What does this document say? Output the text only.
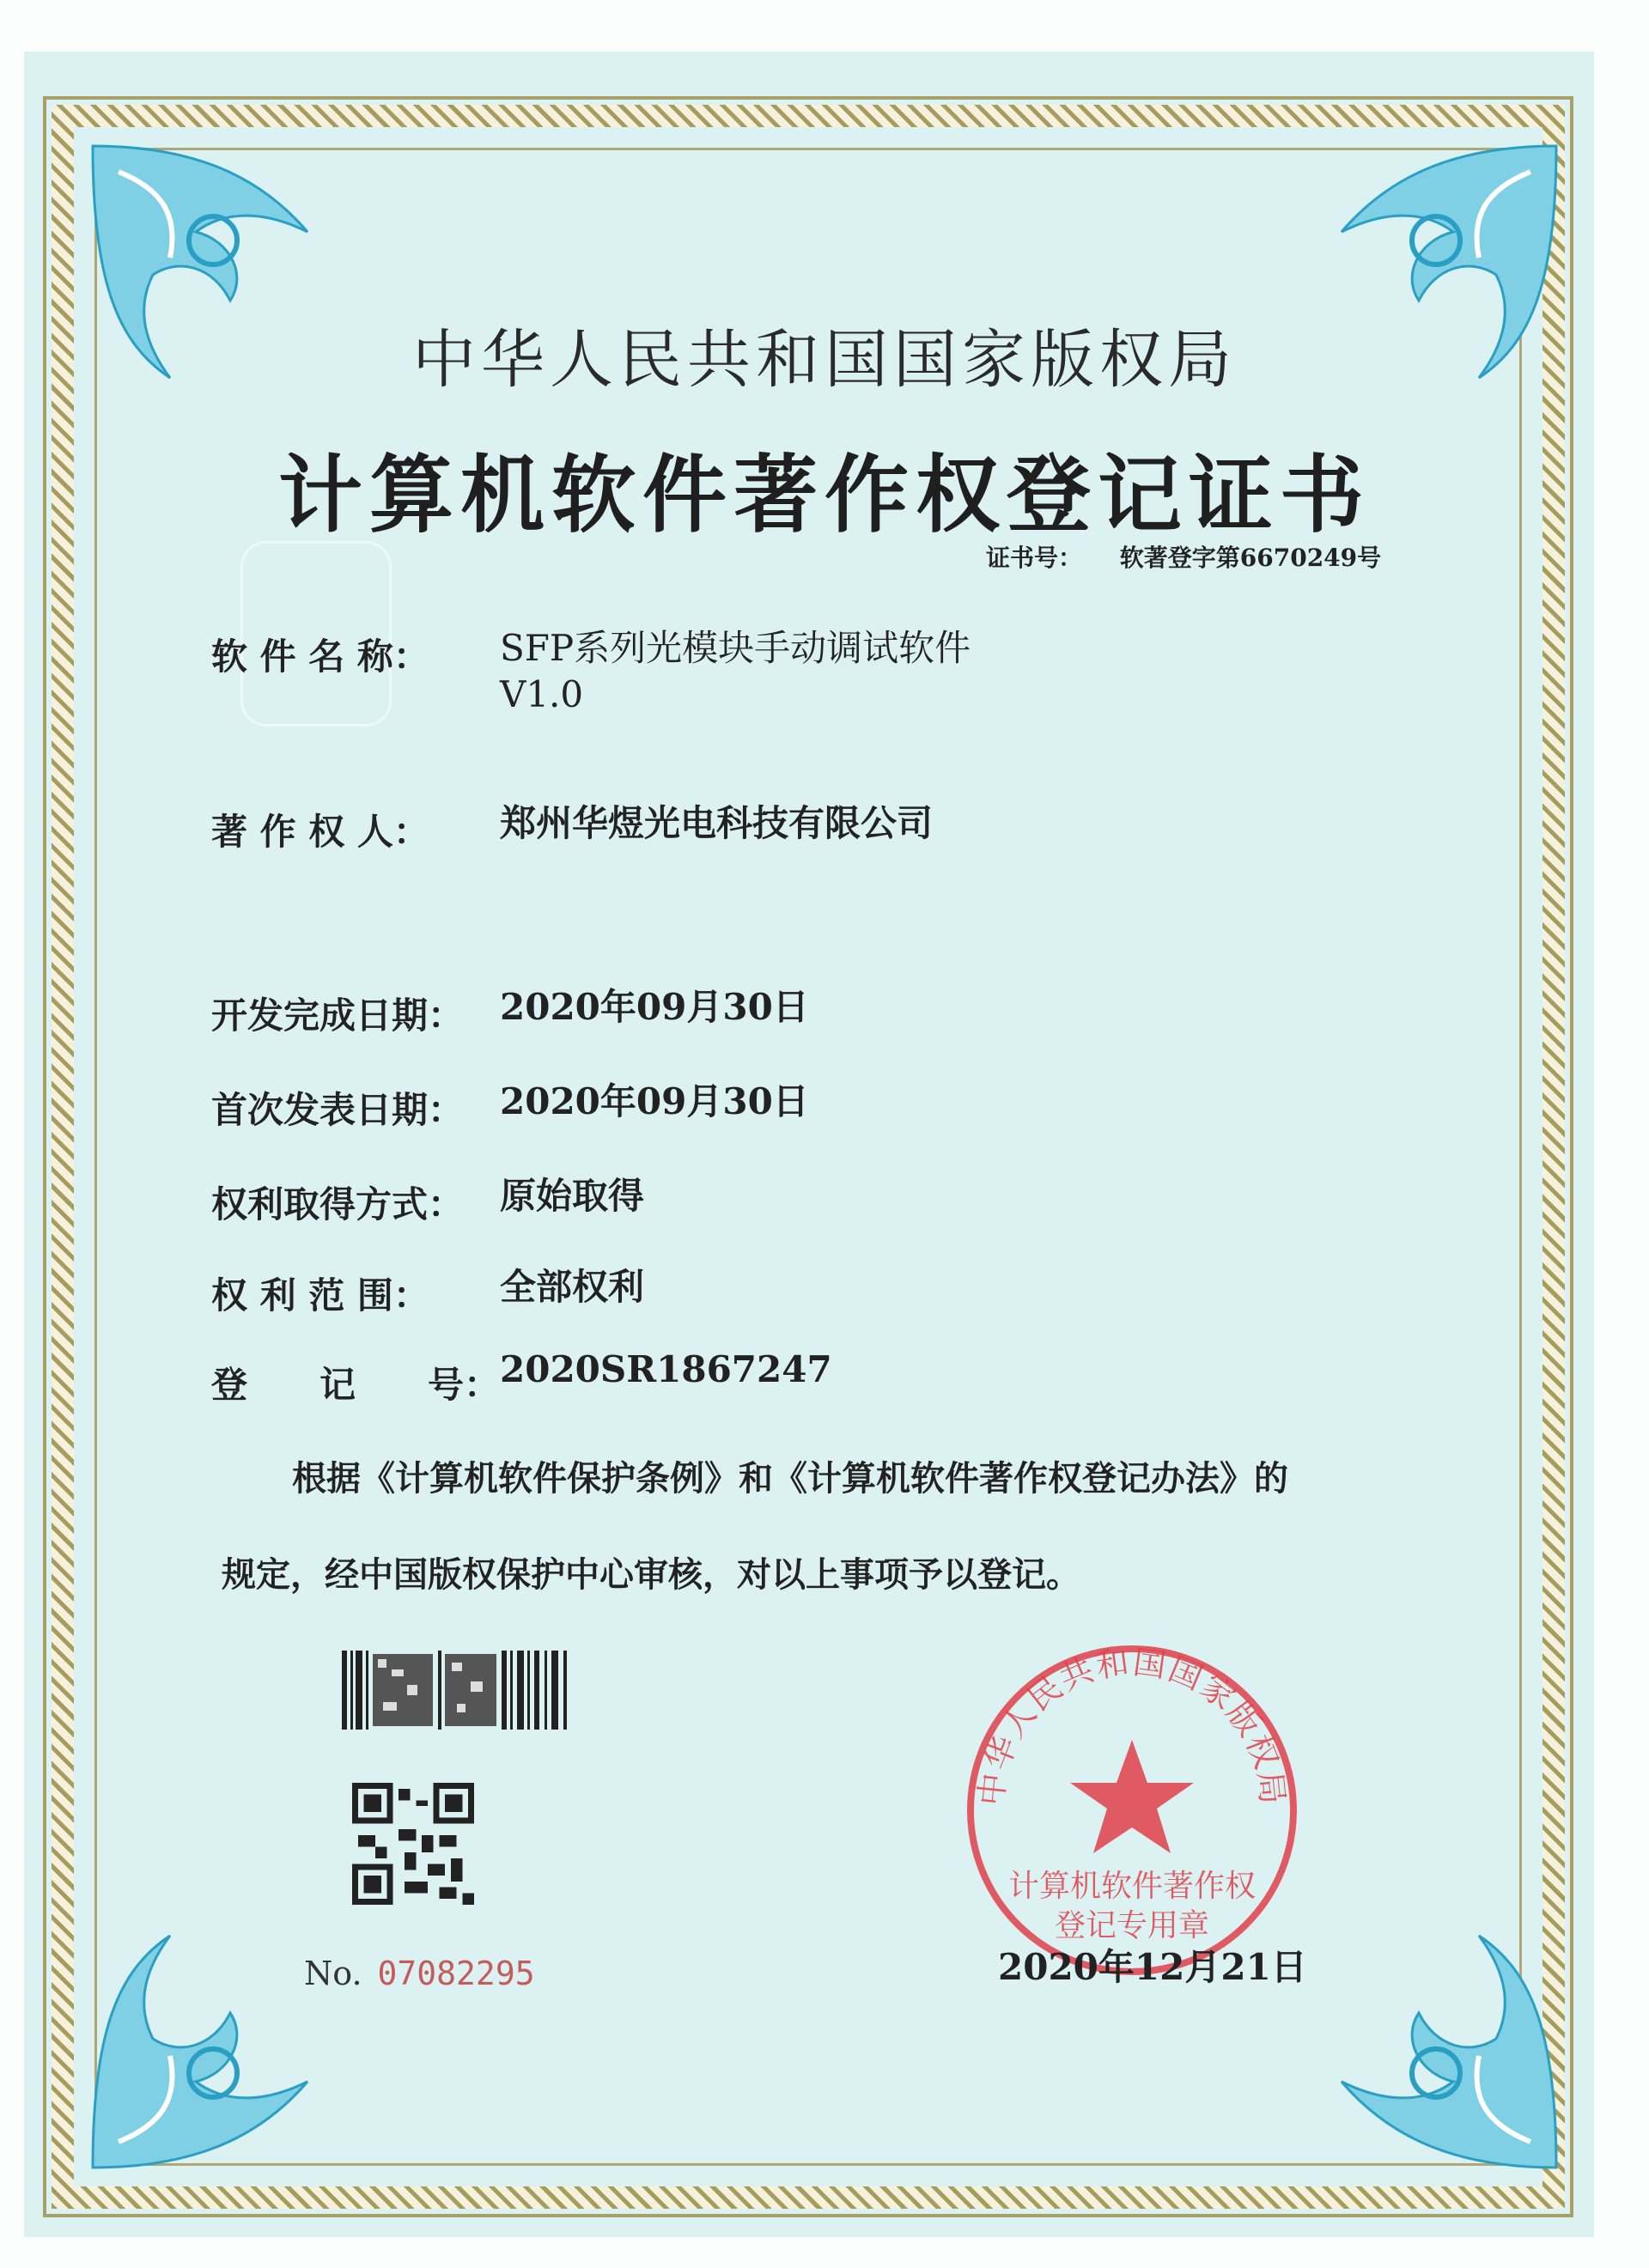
中华人民共和国国家版权局
计算机软件著作权登记证书
证书号： 软著登字第6670249号
软 件 名 称： SFP系列光模块手动调试软件
V1.0
著 作 权 人： 郑州华煜光电科技有限公司
开发完成日期： 2020年09月30日
首次发表日期： 2020年09月30日
权利取得方式： 原始取得
权 利 范 围： 全部权利
登　　记　　号： 2020SR1867247
根据《计算机软件保护条例》和《计算机软件著作权登记办法》的
规定，经中国版权保护中心审核，对以上事项予以登记。
No. 07082295
中华人民共和国国家版权局
计算机软件著作权
登记专用章
2020年12月21日
